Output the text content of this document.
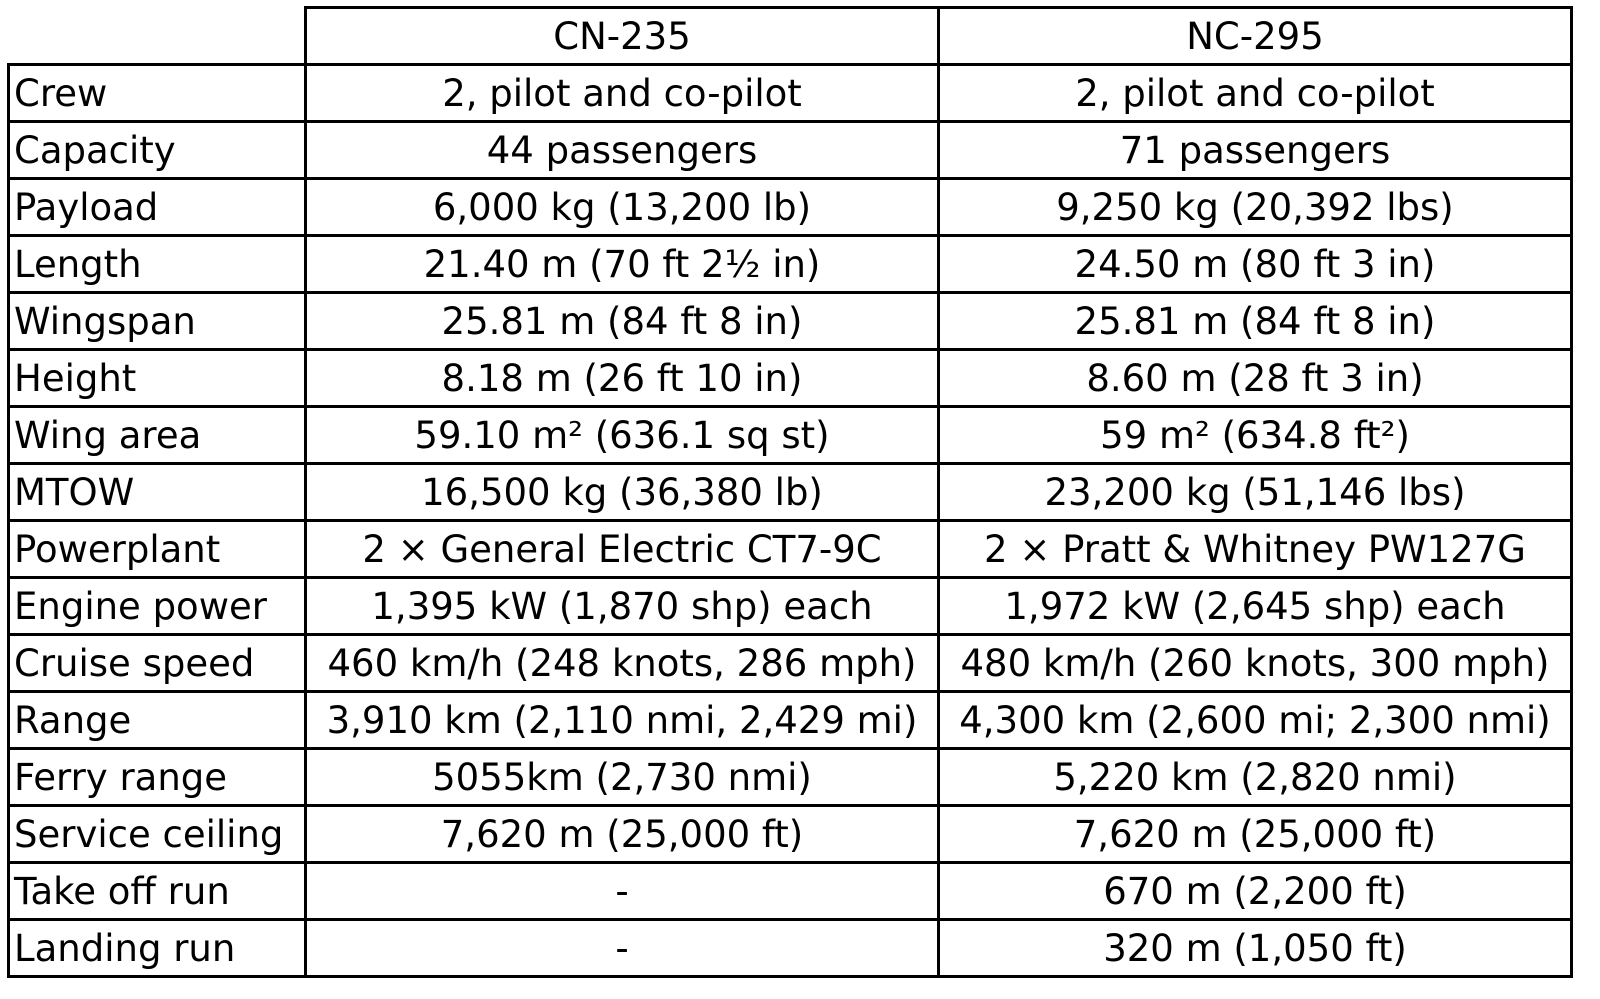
	CN-235	NC-295
Crew	2, pilot and co-pilot	2, pilot and co-pilot
Capacity	44 passengers	71 passengers
Payload	6,000 kg (13,200 lb)	9,250 kg (20,392 lbs)
Length	21.40 m (70 ft 2½ in)	24.50 m (80 ft 3 in)
Wingspan	25.81 m (84 ft 8 in)	25.81 m (84 ft 8 in)
Height	8.18 m (26 ft 10 in)	8.60 m (28 ft 3 in)
Wing area	59.10 m² (636.1 sq st)	59 m² (634.8 ft²)
MTOW	16,500 kg (36,380 lb)	23,200 kg (51,146 lbs)
Powerplant	2 × General Electric CT7-9C	2 × Pratt & Whitney PW127G
Engine power	1,395 kW (1,870 shp) each	1,972 kW (2,645 shp) each
Cruise speed	460 km/h (248 knots, 286 mph)	480 km/h (260 knots, 300 mph)
Range	3,910 km (2,110 nmi, 2,429 mi)	4,300 km (2,600 mi; 2,300 nmi)
Ferry range	5055km (2,730 nmi)	5,220 km (2,820 nmi)
Service ceiling	7,620 m (25,000 ft)	7,620 m (25,000 ft)
Take off run	-	670 m (2,200 ft)
Landing run	-	320 m (1,050 ft)
